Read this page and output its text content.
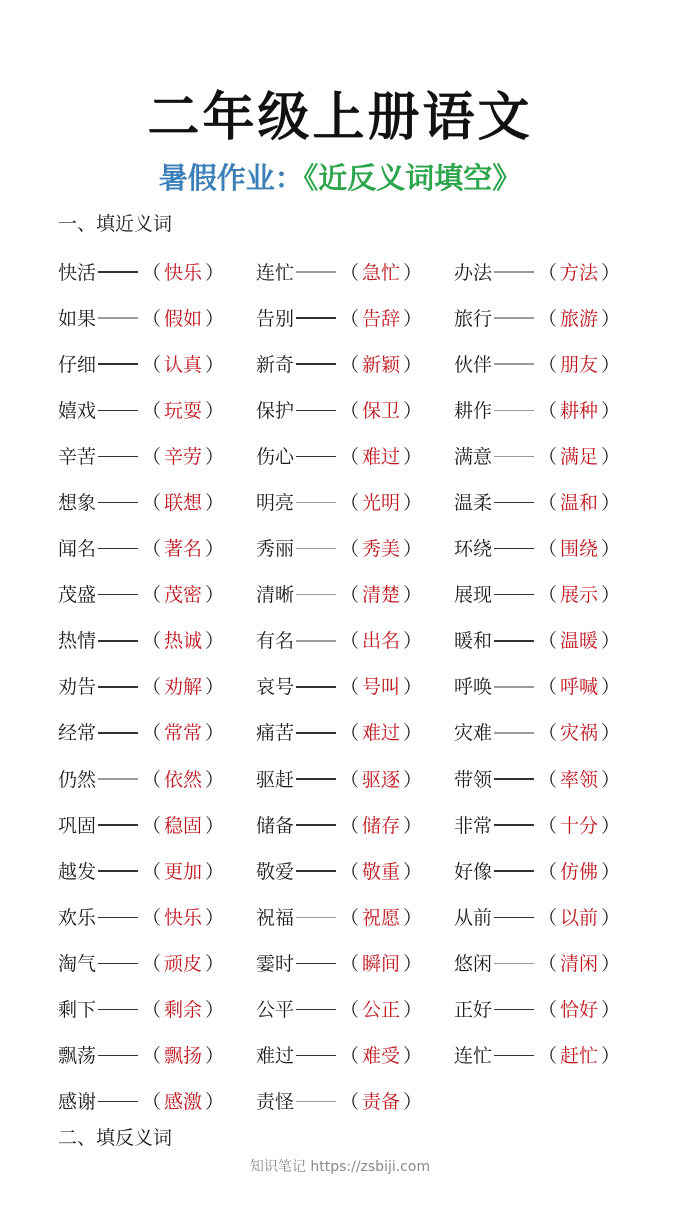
二年级上册语文
暑假作业：《近反义词填空》
一、填近义词
快活 （ 快乐 ） 连忙 （ 急忙 ） 办法 （ 方法 ）
如果 （ 假如 ） 告别 （ 告辞 ） 旅行 （ 旅游 ）
仔细 （ 认真 ） 新奇 （ 新颖 ） 伙伴 （ 朋友 ）
嬉戏 （ 玩耍 ） 保护 （ 保卫 ） 耕作 （ 耕种 ）
辛苦 （ 辛劳 ） 伤心 （ 难过 ） 满意 （ 满足 ）
想象 （ 联想 ） 明亮 （ 光明 ） 温柔 （ 温和 ）
闻名 （ 著名 ） 秀丽 （ 秀美 ） 环绕 （ 围绕 ）
茂盛 （ 茂密 ） 清晰 （ 清楚 ） 展现 （ 展示 ）
热情 （ 热诚 ） 有名 （ 出名 ） 暖和 （ 温暖 ）
劝告 （ 劝解 ） 哀号 （ 号叫 ） 呼唤 （ 呼喊 ）
经常 （ 常常 ） 痛苦 （ 难过 ） 灾难 （ 灾祸 ）
仍然 （ 依然 ） 驱赶 （ 驱逐 ） 带领 （ 率领 ）
巩固 （ 稳固 ） 储备 （ 储存 ） 非常 （ 十分 ）
越发 （ 更加 ） 敬爱 （ 敬重 ） 好像 （ 仿佛 ）
欢乐 （ 快乐 ） 祝福 （ 祝愿 ） 从前 （ 以前 ）
淘气 （ 顽皮 ） 霎时 （ 瞬间 ） 悠闲 （ 清闲 ）
剩下 （ 剩余 ） 公平 （ 公正 ） 正好 （ 恰好 ）
飘荡 （ 飘扬 ） 难过 （ 难受 ） 连忙 （ 赶忙 ）
感谢 （ 感激 ） 责怪 （ 责备 ）
二、填反义词
知识笔记 https://zsbiji.com
